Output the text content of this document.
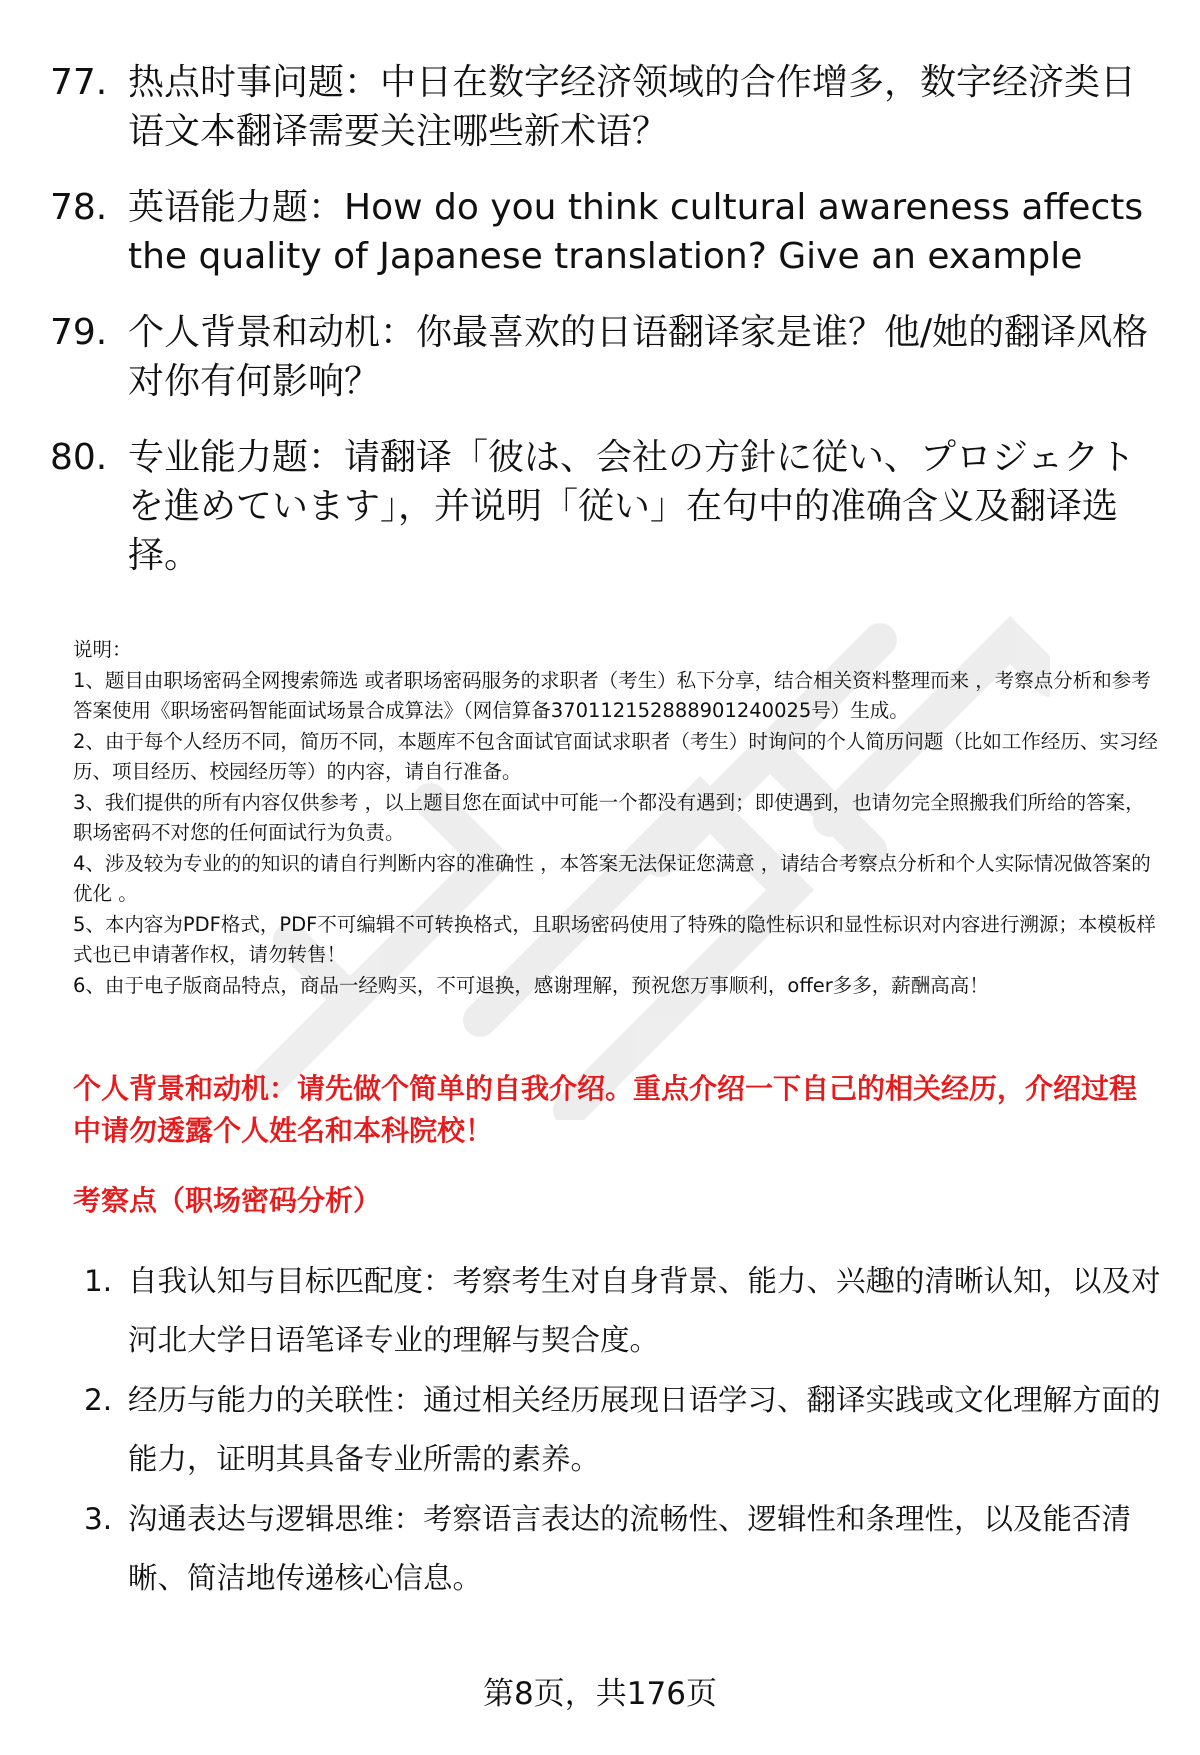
77. 热点时事问题：中日在数字经济领域的合作增多，数字经济类日语文本翻译需要关注哪些新术语？
78. 英语能力题：How do you think cultural awareness affects the quality of Japanese translation? Give an example
79. 个人背景和动机：你最喜欢的日语翻译家是谁？他/她的翻译风格对你有何影响？
80. 专业能力题：请翻译「彼は、会社の方針に従い、プロジェクトを進めています」，并说明「従い」在句中的准确含义及翻译选择。

说明：

1、题目由职场密码全网搜索筛选 或者职场密码服务的求职者（考生）私下分享，结合相关资料整理而来 ，考察点分析和参考答案使用《职场密码智能面试场景合成算法》（网信算备370112152888901240025号）生成。

2、由于每个人经历不同，简历不同，本题库不包含面试官面试求职者（考生）时询问的个人简历问题（比如工作经历、实习经历、项目经历、校园经历等）的内容，请自行准备。

3、我们提供的所有内容仅供参考 ，以上题目您在面试中可能一个都没有遇到；即使遇到，也请勿完全照搬我们所给的答案，职场密码不对您的任何面试行为负责。

4、涉及较为专业的的知识的请自行判断内容的准确性 ，本答案无法保证您满意 ，请结合考察点分析和个人实际情况做答案的优化 。

5、本内容为PDF格式，PDF不可编辑不可转换格式，且职场密码使用了特殊的隐性标识和显性标识对内容进行溯源；本模板样式也已申请著作权，请勿转售！

6、由于电子版商品特点，商品一经购买，不可退换，感谢理解，预祝您万事顺利，offer多多，薪酬高高！

个人背景和动机：请先做个简单的自我介绍。重点介绍一下自己的相关经历，介绍过程中请勿透露个人姓名和本科院校！
考察点（职场密码分析）
1. 自我认知与目标匹配度：考察考生对自身背景、能力、兴趣的清晰认知，以及对河北大学日语笔译专业的理解与契合度。
2. 经历与能力的关联性：通过相关经历展现日语学习、翻译实践或文化理解方面的能力，证明其具备专业所需的素养。
3. 沟通表达与逻辑思维：考察语言表达的流畅性、逻辑性和条理性，以及能否清晰、简洁地传递核心信息。
第8页，共176页
